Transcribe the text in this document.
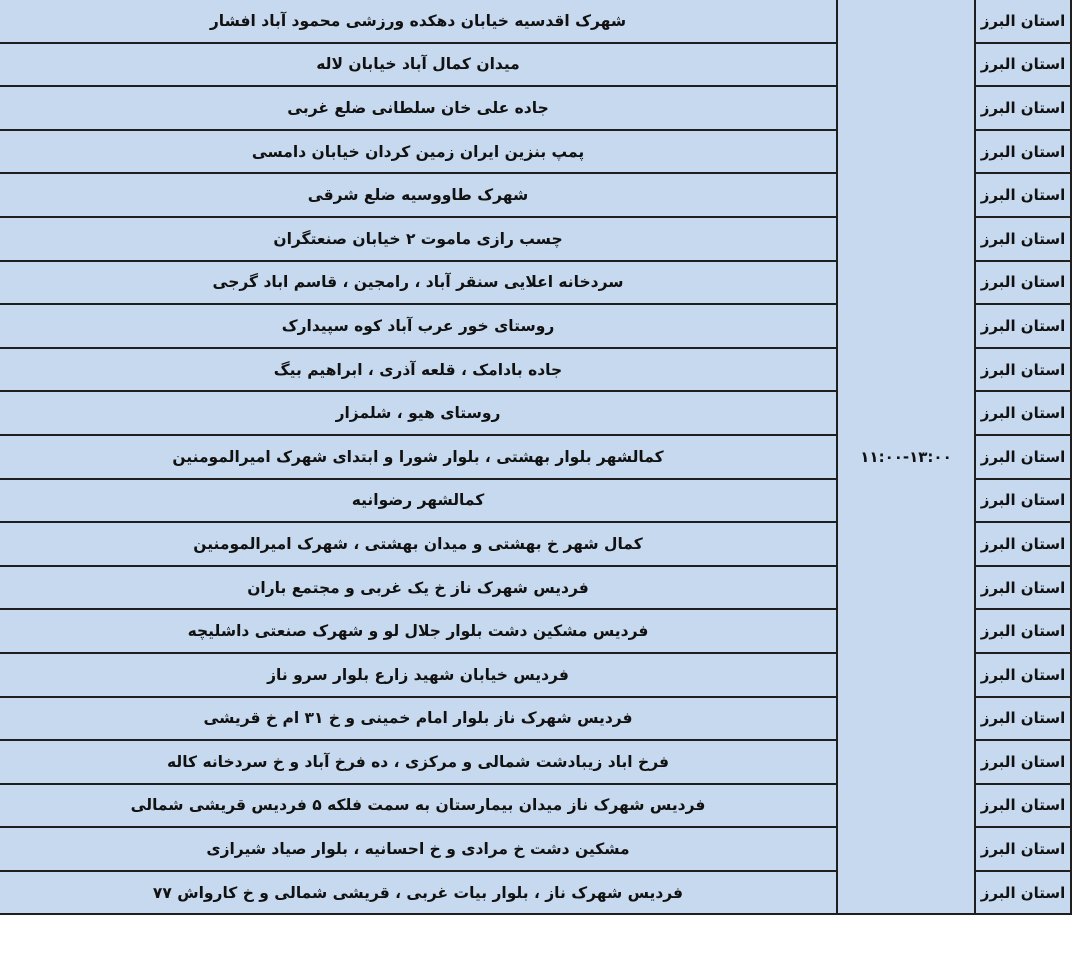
شهرک اقدسیه خیابان دهکده ورزشی محمود آباد افشار	۱۱:۰۰-۱۳:۰۰	استان البرز	
میدان کمال آباد خیابان لاله		استان البرز	
جاده علی خان سلطانی ضلع غربی		استان البرز	
پمپ بنزین ایران زمین کردان خیابان دامسی		استان البرز	
شهرک طاووسیه ضلع شرقی		استان البرز	
چسب رازی ماموت ۲ خیابان صنعتگران		استان البرز	
سردخانه اعلایی سنقر آباد ، رامجین ، قاسم اباد گرجی		استان البرز	
روستای خور عرب آباد کوه سپیدارک		استان البرز	
جاده بادامک ، قلعه آذری ، ابراهیم بیگ		استان البرز	
روستای هیو ، شلمزار		استان البرز	
کمالشهر بلوار بهشتی ، بلوار شورا و ابتدای شهرک امیرالمومنین		استان البرز	
کمالشهر رضوانیه		استان البرز	
کمال شهر خ بهشتی و میدان بهشتی ، شهرک امیرالمومنین		استان البرز	
فردیس شهرک ناز خ یک غربی و مجتمع باران		استان البرز	
فردیس مشکین دشت بلوار جلال لو و شهرک صنعتی داشلیچه		استان البرز	
فردیس خیابان شهید زارع بلوار سرو ناز		استان البرز	
فردیس شهرک ناز بلوار امام خمینی و خ ۳۱ ام خ قریشی		استان البرز	
فرخ اباد زیبادشت شمالی و مرکزی ، ده فرخ آباد و خ سردخانه کاله		استان البرز	
فردیس شهرک ناز میدان بیمارستان به سمت فلکه ۵ فردیس قریشی شمالی		استان البرز	
مشکین دشت خ مرادی و خ احسانیه ، بلوار صیاد شیرازی		استان البرز	
فردیس شهرک ناز ، بلوار بیات غربی ، قریشی شمالی و خ کارواش ۷۷		استان البرز	
